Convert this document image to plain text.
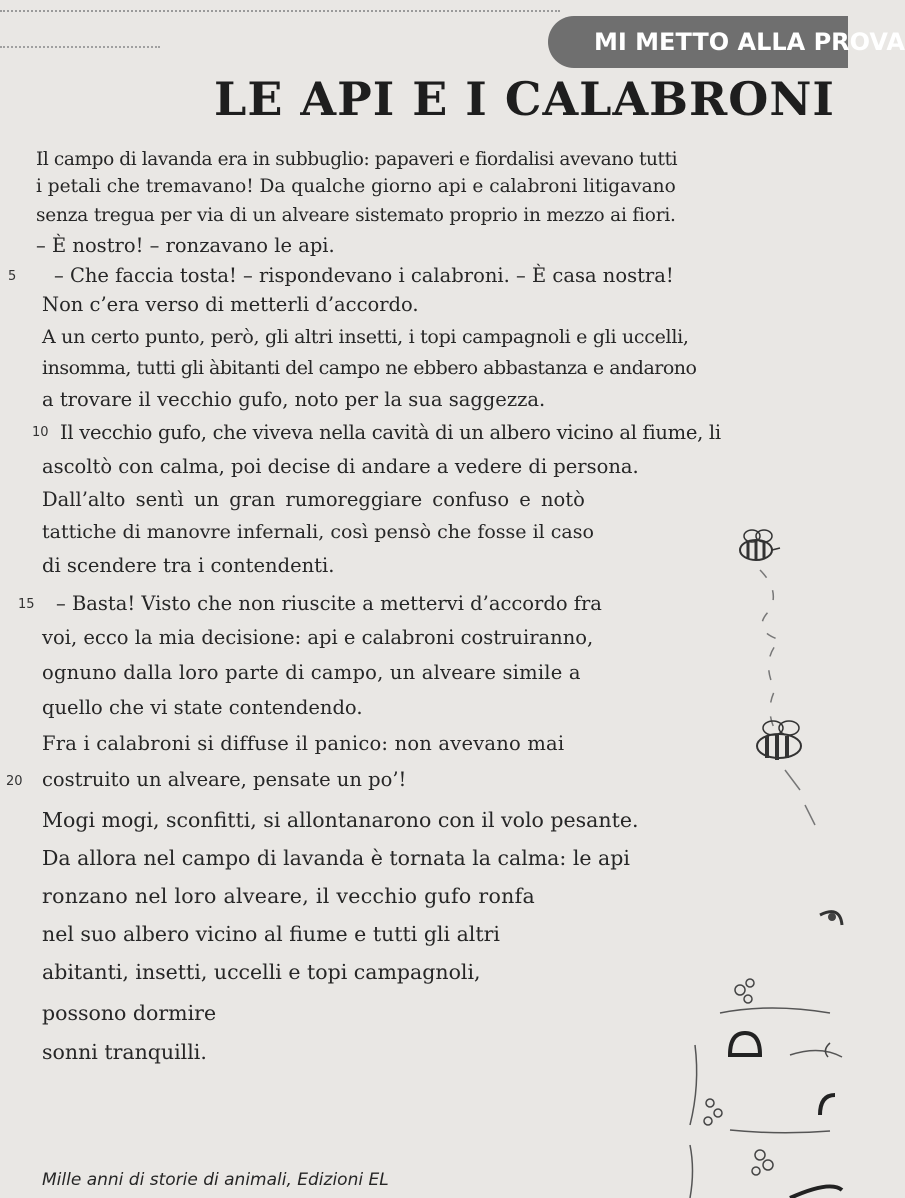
MI METTO ALLA PROVA
LE API E I CALABRONI
Il campo di lavanda era in subbuglio: papaveri e fiordalisi avevano tutti
i petali che tremavano! Da qualche giorno api e calabroni litigavano
senza tregua per via di un alveare sistemato proprio in mezzo ai fiori.
– È nostro! – ronzavano le api.
– Che faccia tosta! – rispondevano i calabroni. – È casa nostra!
Non c’era verso di metterli d’accordo.
A un certo punto, però, gli altri insetti, i topi campagnoli e gli uccelli,
insomma, tutti gli àbitanti del campo ne ebbero abbastanza e andarono
a trovare il vecchio gufo, noto per la sua saggezza.
Il vecchio gufo, che viveva nella cavità di un albero vicino al fiume, li
ascoltò con calma, poi decise di andare a vedere di persona.
Dall’alto sentì un gran rumoreggiare confuso e notò
tattiche di manovre infernali, così pensò che fosse il caso
di scendere tra i contendenti.
– Basta! Visto che non riuscite a mettervi d’accordo fra
voi, ecco la mia decisione: api e calabroni costruiranno,
ognuno dalla loro parte di campo, un alveare simile a
quello che vi state contendendo.
Fra i calabroni si diffuse il panico: non avevano mai
costruito un alveare, pensate un po’!
Mogi mogi, sconfitti, si allontanarono con il volo pesante.
Da allora nel campo di lavanda è tornata la calma: le api
ronzano nel loro alveare, il vecchio gufo ronfa
nel suo albero vicino al fiume e tutti gli altri
abitanti, insetti, uccelli e topi campagnoli,
possono dormire
sonni tranquilli.
5
10
15
20
Mille anni di storie di animali, Edizioni EL
